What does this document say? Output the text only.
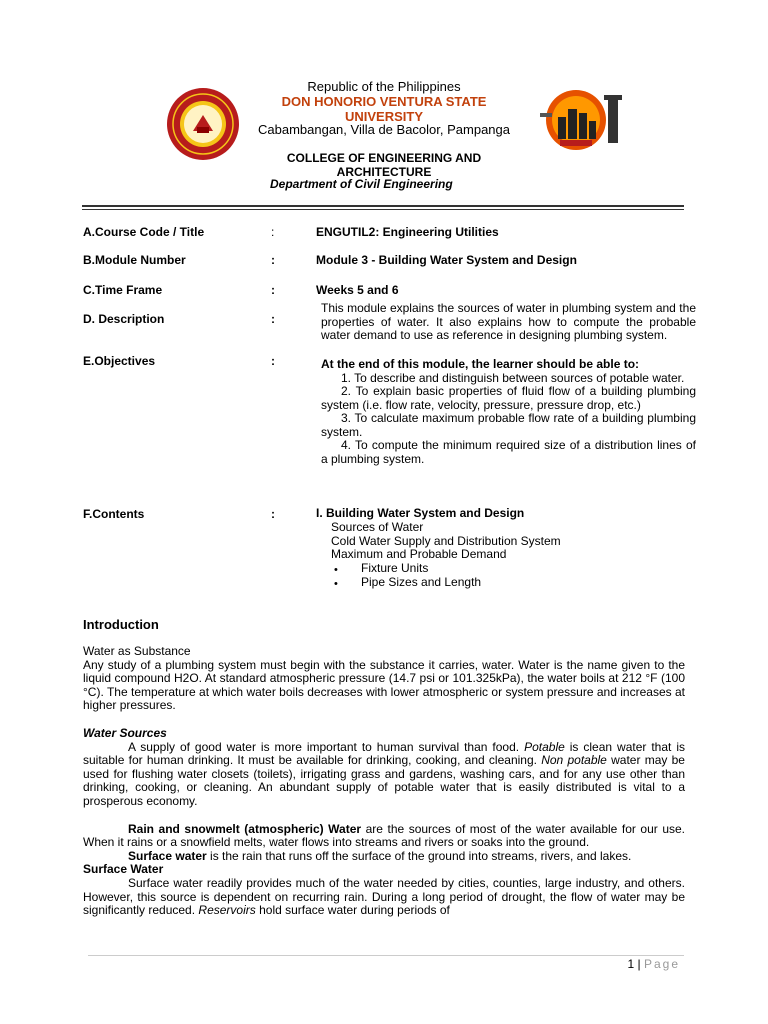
Republic of the Philippines
DON HONORIO VENTURA STATE
UNIVERSITY
Cabambangan, Villa de Bacolor, Pampanga
COLLEGE OF ENGINEERING AND
ARCHITECTURE
Department of Civil Engineering
A.Course Code / Title	:	ENGUTIL2: Engineering Utilities
B.Module Number	:	Module 3 - Building Water System and Design
C.Time Frame	:	Weeks 5 and 6
D. Description	:
This module explains the sources of water in plumbing system and the properties of water. It also explains how to compute the probable water demand to use as reference in designing plumbing system.
E.Objectives	:	At the end of this module, the learner should be able to:
1. To describe and distinguish between sources of potable water.
2. To explain basic properties of fluid flow of a building plumbing system (i.e. flow rate, velocity, pressure, pressure drop, etc.)
3. To calculate maximum probable flow rate of a building plumbing system.
4. To compute the minimum required size of a distribution lines of a plumbing system.
F.Contents	:	I. Building Water System and Design
Sources of Water
Cold Water Supply and Distribution System
Maximum and Probable Demand
• Fixture Units
• Pipe Sizes and Length
Introduction

Water as Substance

Any study of a plumbing system must begin with the substance it carries, water. Water is the name given to the liquid compound H2O. At standard atmospheric pressure (14.7 psi or 101.325kPa), the water boils at 212 °F (100 °C). The temperature at which water boils decreases with lower atmospheric or system pressure and increases at higher pressures.

Water Sources

A supply of good water is more important to human survival than food. Potable is clean water that is suitable for human drinking. It must be available for drinking, cooking, and cleaning. Non potable water may be used for flushing water closets (toilets), irrigating grass and gardens, washing cars, and for any use other than drinking, cooking, or cleaning. An abundant supply of potable water that is easily distributed is vital to a prosperous economy.

Rain and snowmelt (atmospheric) Water are the sources of most of the water available for our use. When it rains or a snowfield melts, water flows into streams and rivers or soaks into the ground.

Surface water is the rain that runs off the surface of the ground into streams, rivers, and lakes.

Surface Water

Surface water readily provides much of the water needed by cities, counties, large industry, and others. However, this source is dependent on recurring rain. During a long period of drought, the flow of water may be significantly reduced. Reservoirs hold surface water during periods of

1 | Page
